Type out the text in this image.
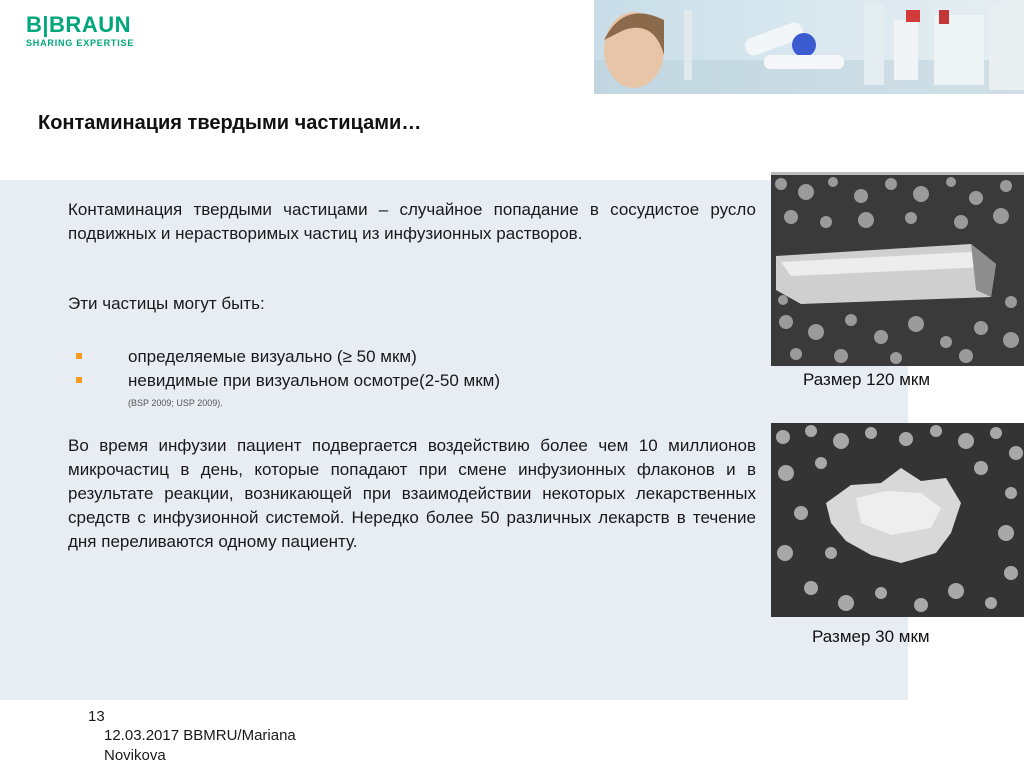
B|BRAUN
SHARING EXPERTISE
Контаминация твердыми частицами…
Контаминация твердыми частицами – случайное попадание в сосудистое русло подвижных и нерастворимых частиц из инфузионных растворов.
Эти частицы могут быть:
определяемые визуально (≥ 50 мкм)
невидимые при визуальном осмотре(2-50 мкм)
(BSP 2009; USP 2009).
Во время инфузии пациент подвергается воздействию более чем 10 миллионов микрочастиц в день, которые попадают при смене инфузионных флаконов и в результате реакции, возникающей при взаимодействии некоторых лекарственных средств с инфузионной системой. Нередко более 50 различных лекарств в течение дня переливаются одному пациенту.
Размер 120 мкм
Размер 30 мкм
13
12.03.2017 BBMRU/Mariana Novikova
